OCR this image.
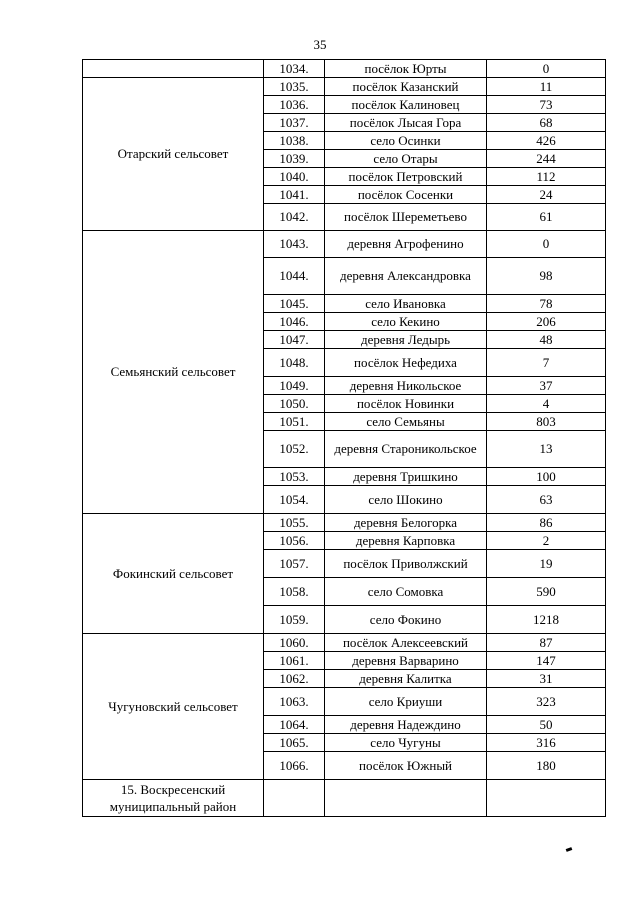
35
	1034.	посёлок Юрты	0
Отарский сельсовет	1035.	посёлок Казанский	11
	1036.	посёлок Калиновец	73
	1037.	посёлок Лысая Гора	68
	1038.	село Осинки	426
	1039.	село Отары	244
	1040.	посёлок Петровский	112
	1041.	посёлок Сосенки	24
	1042.	посёлок Шереметьево	61
Семьянский сельсовет	1043.	деревня Агрофенино	0
	1044.	деревня Александровка	98
	1045.	село Ивановка	78
	1046.	село Кекино	206
	1047.	деревня Ледырь	48
	1048.	посёлок Нефедиха	7
	1049.	деревня Никольское	37
	1050.	посёлок Новинки	4
	1051.	село Семьяны	803
	1052.	деревня Староникольское	13
	1053.	деревня Тришкино	100
	1054.	село Шокино	63
Фокинский сельсовет	1055.	деревня Белогорка	86
	1056.	деревня Карповка	2
	1057.	посёлок Приволжский	19
	1058.	село Сомовка	590
	1059.	село Фокино	1218
Чугуновский сельсовет	1060.	посёлок Алексеевский	87
	1061.	деревня Варварино	147
	1062.	деревня Калитка	31
	1063.	село Криуши	323
	1064.	деревня Надеждино	50
	1065.	село Чугуны	316
	1066.	посёлок Южный	180
15. Воскресенский муниципальный район			
